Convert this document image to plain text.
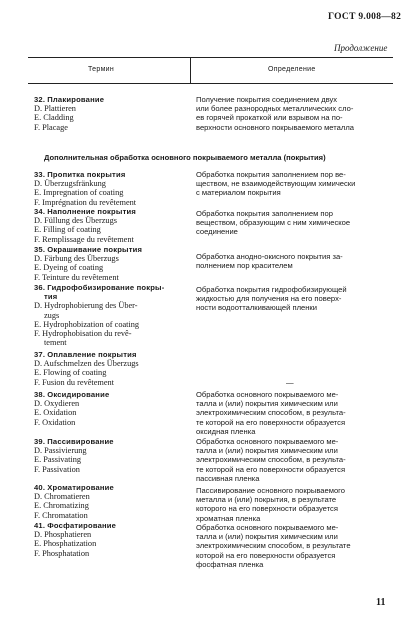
ГОСТ 9.008—82
Продолжение
Термин	Определение
32. Плакирование
D. Plattieren
E. Cladding
F. Placage
Получение покрытия соединением двух
или более разнородных металлических сло-
ев горячей прокаткой или взрывом на по-
верхности основного покрываемого металла
Дополнительная обработка основного покрываемого металла (покрытия)
33. Пропитка покрытия
D. Überzugsfränkung
E. Impregnation of coating
F. Imprégnation du revêtement
Обработка покрытия заполнением пор ве-
ществом, не взаимодействующим химически
с материалом покрытия
34. Наполнение покрытия
D. Füllung des Überzugs
E. Filling of coating
F. Remplissage du revêtement
Обработка покрытия заполнением пор
веществом, образующим с ним химическое
соединение
35. Окрашивание покрытия
D. Färbung des Überzugs
E. Dyeing of coating
F. Teinture du revêtement
Обработка анодно-окисного покрытия за-
полнением пор красителем
36. Гидрофобизирование покры-
тия
D. Hydrophobierung des Über-
zugs
E. Hydrophobization of coating
F. Hydrophobisation du revê-
tement
Обработка покрытия гидрофобизирующей
жидкостью для получения на его поверх-
ности водоотталкивающей пленки
37. Оплавление покрытия
D. Aufschmelzen des Überzugs
E. Flowing of coating
F. Fusion du revêtement	—
38. Оксидирование
D. Oxydieren
E. Oxidation
F. Oxidation
Обработка основного покрываемого ме-
талла и (или) покрытия химическим или
электрохимическим способом, в результа-
те которой на его поверхности образуется
оксидная пленка
39. Пассивирование
D. Passivierung
E. Passivating
F. Passivation
Обработка основного покрываемого ме-
талла и (или) покрытия химическим или
электрохимическим способом, в результа-
те которой на его поверхности образуется
пассивная пленка
40. Хроматирование
D. Chromatieren
E. Chromatizing
F. Chromatation
Пассивирование основного покрываемого
металла и (или) покрытия, в результате
которого на его поверхности образуется
хроматная пленка
41. Фосфатирование
D. Phosphatieren
E. Phosphatization
F. Phosphatation
Обработка основного покрываемого ме-
талла и (или) покрытия химическим или
электрохимическим способом, в результате
которой на его поверхности образуется
фосфатная пленка
11
